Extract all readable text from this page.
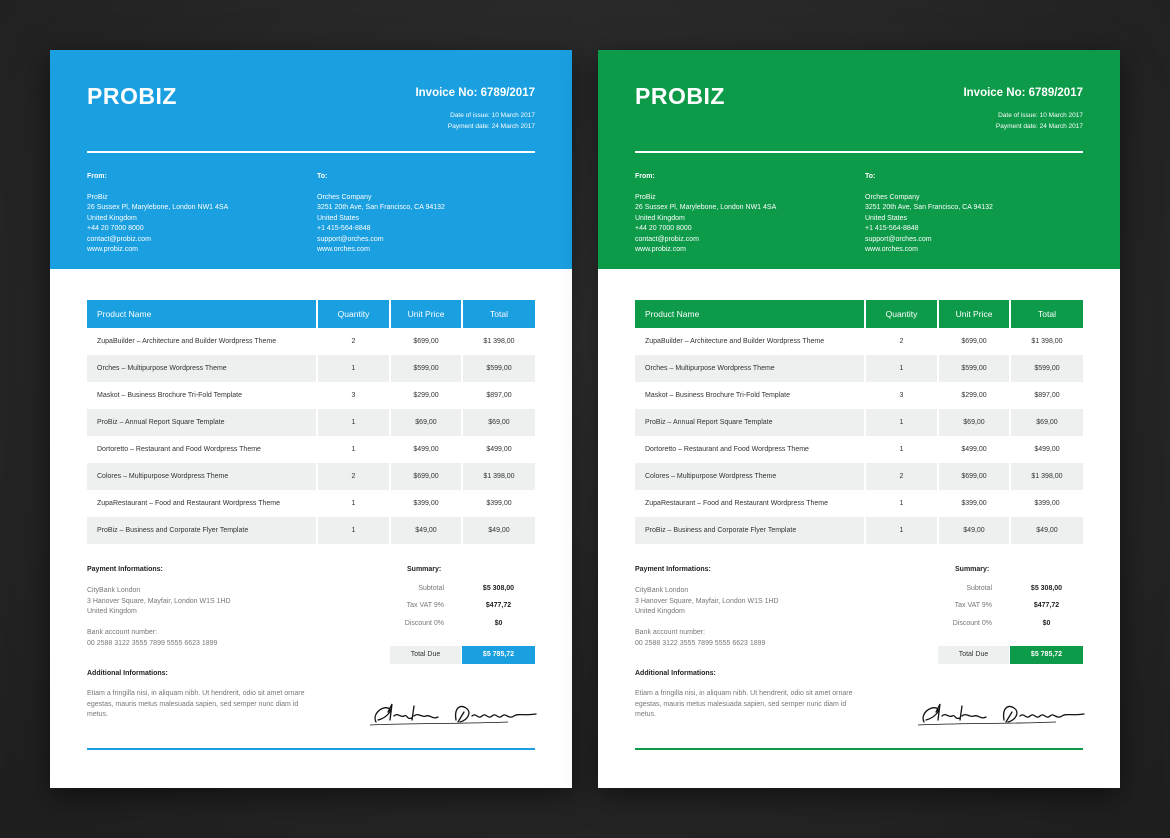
PROBIZ	Invoice No: 6789/2017
Date of issue: 10 March 2017
Payment date: 24 March 2017
From:
ProBiz
26 Sussex Pl, Marylebone, London NW1 4SA
United Kingdom
+44 20 7000 8000
contact@probiz.com
www.probiz.com
To:
Orches Company
3251 20th Ave, San Francisco, CA 94132
United States
+1 415-564-8848
support@orches.com
www.orches.com
Product Name	Quantity	Unit Price	Total
ZupaBuilder – Architecture and Builder Wordpress Theme	2	$699,00	$1 398,00
Orches – Multipurpose Wordpress Theme	1	$599,00	$599,00
Maskot – Business Brochure Tri-Fold Template	3	$299,00	$897,00
ProBiz – Annual Report Square Template	1	$69,00	$69,00
Dortoretto – Restaurant and Food Wordpress Theme	1	$499,00	$499,00
Colores – Multipurpose Wordpress Theme	2	$699,00	$1 398,00
ZupaRestaurant – Food and Restaurant Wordpress Theme	1	$399,00	$399,00
ProBiz – Business and Corporate Flyer Template	1	$49,00	$49,00
Payment Informations:
CityBank London
3 Hanover Square, Mayfair, London W1S 1HD
United Kingdom
Bank account number:
00 2588 3122 3555 7899 5555 6623 1899
Additional Informations:
Etiam a fringilla nisi, in aliquam nibh. Ut hendrerit, odio sit amet ornare egestas, mauris metus malesuada sapien, sed semper nunc diam id metus.
Summary:
Subtotal	$5 308,00
Tax VAT 9%	$477,72
Discount 0%	$0
Total Due	$5 785,72
PROBIZ	Invoice No: 6789/2017
Date of issue: 10 March 2017
Payment date: 24 March 2017
From:
ProBiz
26 Sussex Pl, Marylebone, London NW1 4SA
United Kingdom
+44 20 7000 8000
contact@probiz.com
www.probiz.com
To:
Orches Company
3251 20th Ave, San Francisco, CA 94132
United States
+1 415-564-8848
support@orches.com
www.orches.com
Product Name	Quantity	Unit Price	Total
ZupaBuilder – Architecture and Builder Wordpress Theme	2	$699,00	$1 398,00
Orches – Multipurpose Wordpress Theme	1	$599,00	$599,00
Maskot – Business Brochure Tri-Fold Template	3	$299,00	$897,00
ProBiz – Annual Report Square Template	1	$69,00	$69,00
Dortoretto – Restaurant and Food Wordpress Theme	1	$499,00	$499,00
Colores – Multipurpose Wordpress Theme	2	$699,00	$1 398,00
ZupaRestaurant – Food and Restaurant Wordpress Theme	1	$399,00	$399,00
ProBiz – Business and Corporate Flyer Template	1	$49,00	$49,00
Payment Informations:
CityBank London
3 Hanover Square, Mayfair, London W1S 1HD
United Kingdom
Bank account number:
00 2588 3122 3555 7899 5555 6623 1899
Additional Informations:
Etiam a fringilla nisi, in aliquam nibh. Ut hendrerit, odio sit amet ornare egestas, mauris metus malesuada sapien, sed semper nunc diam id metus.
Summary:
Subtotal	$5 308,00
Tax VAT 9%	$477,72
Discount 0%	$0
Total Due	$5 785,72
